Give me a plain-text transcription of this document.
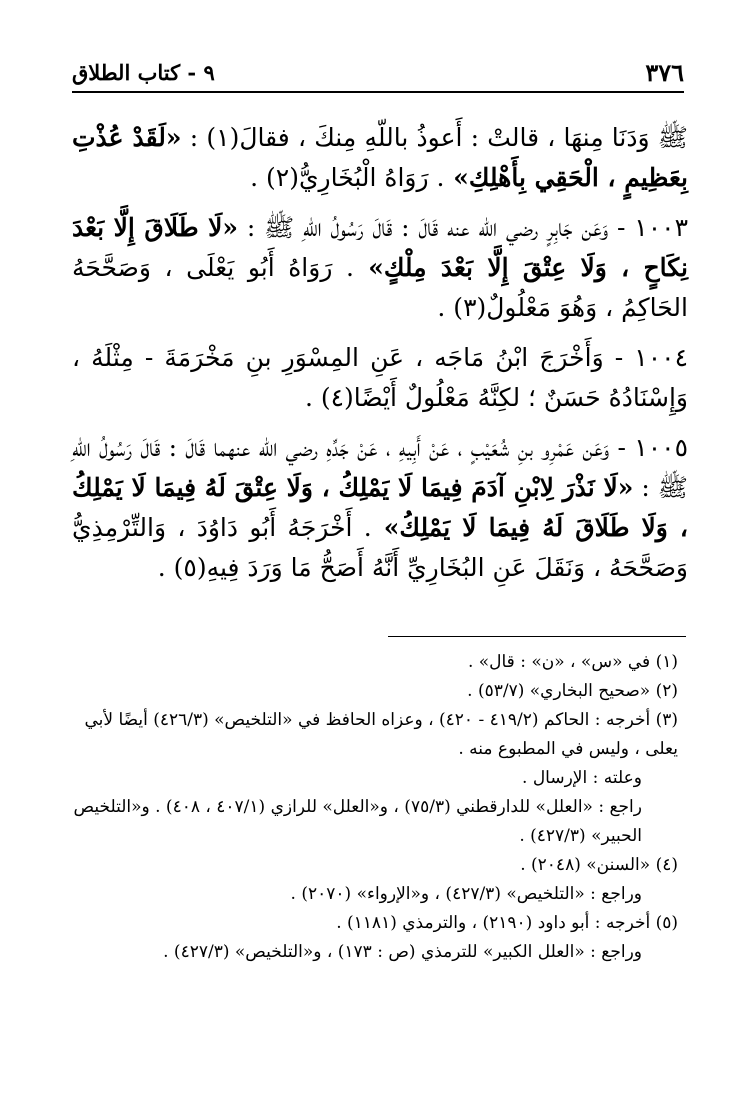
٣٧٦
٩ - كتاب الطلاق

ﷺ وَدَنَا مِنهَا ، قالتْ : أَعوذُ باللّهِ مِنكَ ، فقالَ(١) : «لَقَدْ عُذْتِ بِعَظِيمٍ ، الْحَقِي بِأَهْلِكِ» . رَوَاهُ الْبُخَارِيُّ(٢) .

١٠٠٣ - وَعَن جَابِرٍ رضي الله عنه قَالَ : قَالَ رَسُولُ اللّهِ ﷺ : «لَا طَلَاقَ إِلَّا بَعْدَ نِكَاحٍ ، وَلَا عِتْقَ إِلَّا بَعْدَ مِلْكٍ» . رَوَاهُ أَبُو يَعْلَى ، وَصَحَّحَهُ الحَاكِمُ ، وَهُوَ مَعْلُولٌ(٣) .

١٠٠٤ - وَأَخْرَجَ ابْنُ مَاجَه ، عَنِ المِسْوَرِ بنِ مَخْرَمَةَ - مِثْلَهُ ، وَإِسْنَادُهُ حَسَنٌ ؛ لكِنَّهُ مَعْلُولٌ أَيْضًا(٤) .

١٠٠٥ - وَعَن عَمْرِو بنِ شُعَيْبٍ ، عَنْ أَبِيهِ ، عَنْ جَدِّهِ رضي الله عنهما قَالَ : قَالَ رَسُولُ اللّهِ ﷺ : «لَا نَذْرَ لِابْنِ آدَمَ فِيمَا لَا يَمْلِكُ ، وَلَا عِتْقَ لَهُ فِيمَا لَا يَمْلِكُ ، وَلَا طَلَاقَ لَهُ فِيمَا لَا يَمْلِكُ» . أَخْرَجَهُ أَبُو دَاوُدَ ، وَالتِّرْمِذِيُّ وَصَحَّحَهُ ، وَنَقَلَ عَنِ البُخَارِيِّ أَنَّهُ أَصَحُّ مَا وَرَدَ فِيهِ(٥) .

(١) في «س» ، «ن» : قال» .

(٢) «صحيح البخاري» (٥٣/٧) .

(٣) أخرجه : الحاكم (٤١٩/٢ - ٤٢٠) ، وعزاه الحافظ في «التلخيص» (٤٢٦/٣) أيضًا لأبي يعلى ، وليس في المطبوع منه .

وعلته : الإرسال .

راجع : «العلل» للدارقطني (٧٥/٣) ، و«العلل» للرازي (٤٠٧/١ ، ٤٠٨) . و«التلخيص الحبير» (٤٢٧/٣) .

(٤) «السنن» (٢٠٤٨) .

وراجع : «التلخيص» (٤٢٧/٣) ، و«الإرواء» (٢٠٧٠) .

(٥) أخرجه : أبو داود (٢١٩٠) ، والترمذي (١١٨١) .

وراجع : «العلل الكبير» للترمذي (ص : ١٧٣) ، و«التلخيص» (٤٢٧/٣) .
